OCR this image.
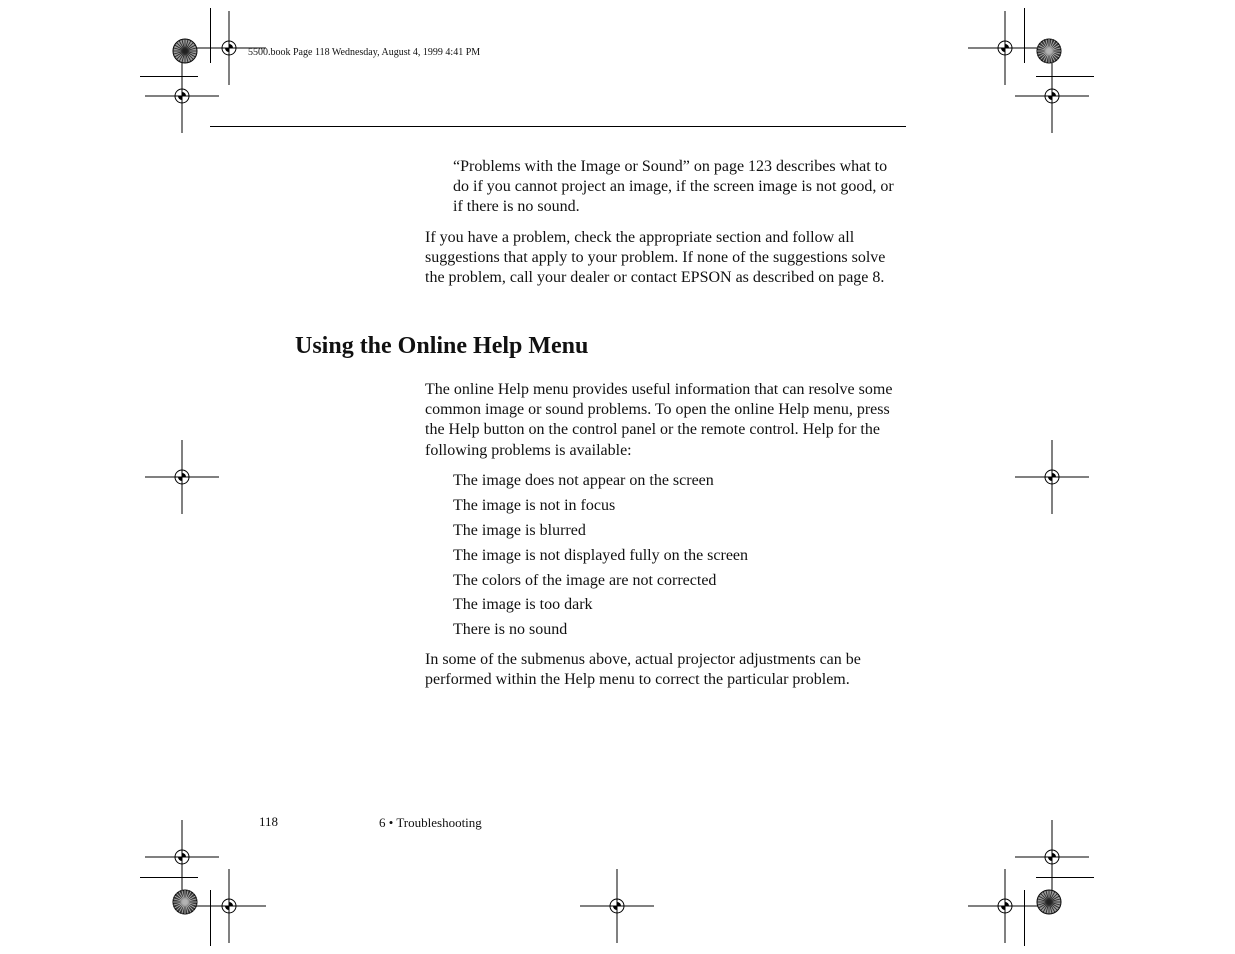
5500.book Page 118 Wednesday, August 4, 1999 4:41 PM

“Problems with the Image or Sound” on page 123 describes what to do if you cannot project an image, if the screen image is not good, or if there is no sound.

If you have a problem, check the appropriate section and follow all suggestions that apply to your problem. If none of the suggestions solve the problem, call your dealer or contact EPSON as described on page 8.

Using the Online Help Menu

The online Help menu provides useful information that can resolve some common image or sound problems. To open the online Help menu, press the Help button on the control panel or the remote control. Help for the following problems is available:

The image does not appear on the screen
The image is not in focus
The image is blurred
The image is not displayed fully on the screen
The colors of the image are not corrected
The image is too dark
There is no sound

In some of the submenus above, actual projector adjustments can be performed within the Help menu to correct the particular problem.

118	6 • Troubleshooting
